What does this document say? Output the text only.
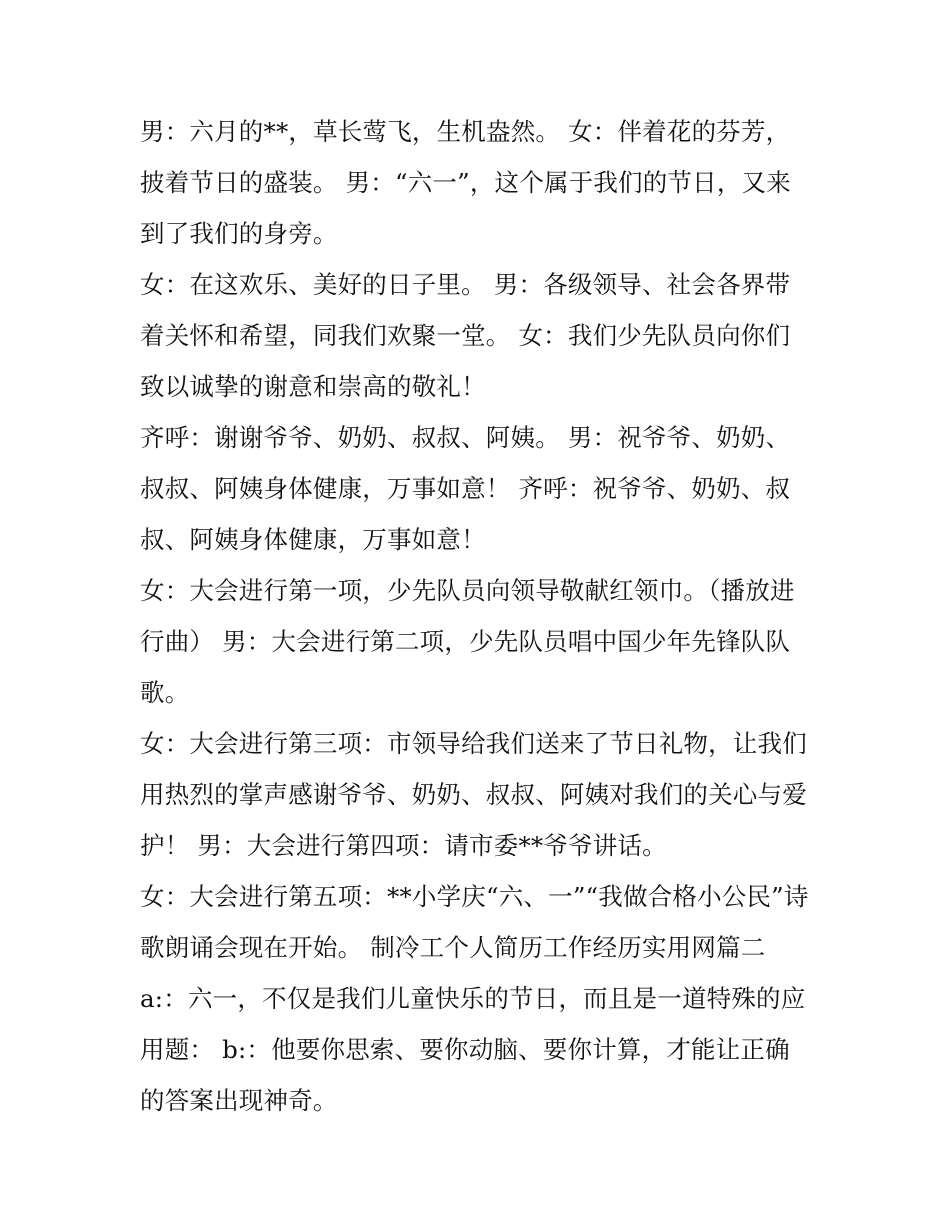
男：六月的**，草长莺飞，生机盎然。 女：伴着花的芬芳，
披着节日的盛装。 男：“六一”，这个属于我们的节日，又来
到了我们的身旁。
女：在这欢乐、美好的日子里。 男：各级领导、社会各界带
着关怀和希望，同我们欢聚一堂。 女：我们少先队员向你们
致以诚挚的谢意和崇高的敬礼！
齐呼：谢谢爷爷、奶奶、叔叔、阿姨。 男：祝爷爷、奶奶、
叔叔、阿姨身体健康，万事如意！ 齐呼：祝爷爷、奶奶、叔
叔、阿姨身体健康，万事如意！
女：大会进行第一项，少先队员向领导敬献红领巾。（播放进
行曲） 男：大会进行第二项，少先队员唱中国少年先锋队队
歌。
女：大会进行第三项：市领导给我们送来了节日礼物，让我们
用热烈的掌声感谢爷爷、奶奶、叔叔、阿姨对我们的关心与爱
护！ 男：大会进行第四项：请市委**爷爷讲话。
女：大会进行第五项：**小学庆“六、一”“我做合格小公民”诗
歌朗诵会现在开始。 制冷工个人简历工作经历实用网篇二
a:：六一，不仅是我们儿童快乐的节日，而且是一道特殊的应
用题： b:：他要你思索、要你动脑、要你计算，才能让正确
的答案出现神奇。
